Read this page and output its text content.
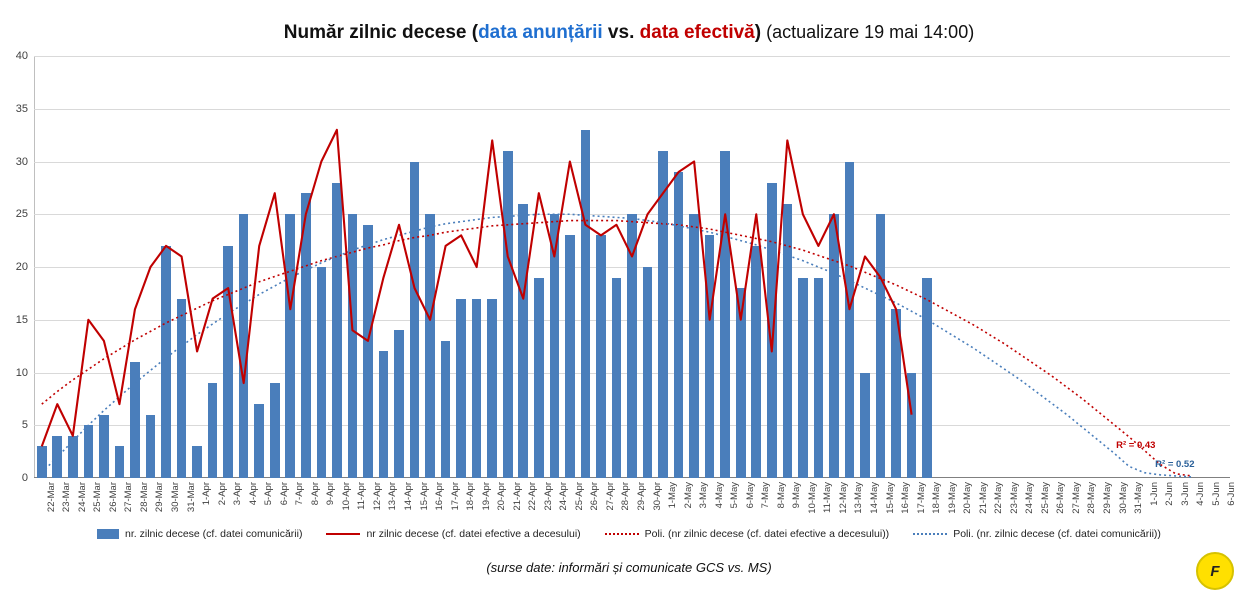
Număr zilnic decese (data anunțării vs. data efectivă) (actualizare 19 mai 14:00)
0
5
10
15
20
25
30
35
40
22-Mar 23-Mar 24-Mar 25-Mar 26-Mar 27-Mar 28-Mar 29-Mar 30-Mar 31-Mar 1-Apr 2-Apr 3-Apr 4-Apr 5-Apr 6-Apr 7-Apr 8-Apr 9-Apr 10-Apr 11-Apr 12-Apr 13-Apr 14-Apr 15-Apr 16-Apr 17-Apr 18-Apr 19-Apr 20-Apr 21-Apr 22-Apr 23-Apr 24-Apr 25-Apr 26-Apr 27-Apr 28-Apr 29-Apr 30-Apr 1-May 2-May 3-May 4-May 5-May 6-May 7-May 8-May 9-May 10-May 11-May 12-May 13-May 14-May 15-May 16-May 17-May 18-May 19-May 20-May 21-May 22-May 23-May 24-May 25-May 26-May 27-May 28-May 29-May 30-May 31-May 1-Jun 2-Jun 3-Jun 4-Jun 5-Jun 6-Jun
R² = 0.43
R² = 0.52
nr. zilnic decese (cf. datei comunicării)	nr zilnic decese (cf. datei efective a decesului)	Poli. (nr zilnic decese (cf. datei efective a decesului))	Poli. (nr. zilnic decese (cf. datei comunicării))
(surse date: informări și comunicate GCS vs. MS)	F
